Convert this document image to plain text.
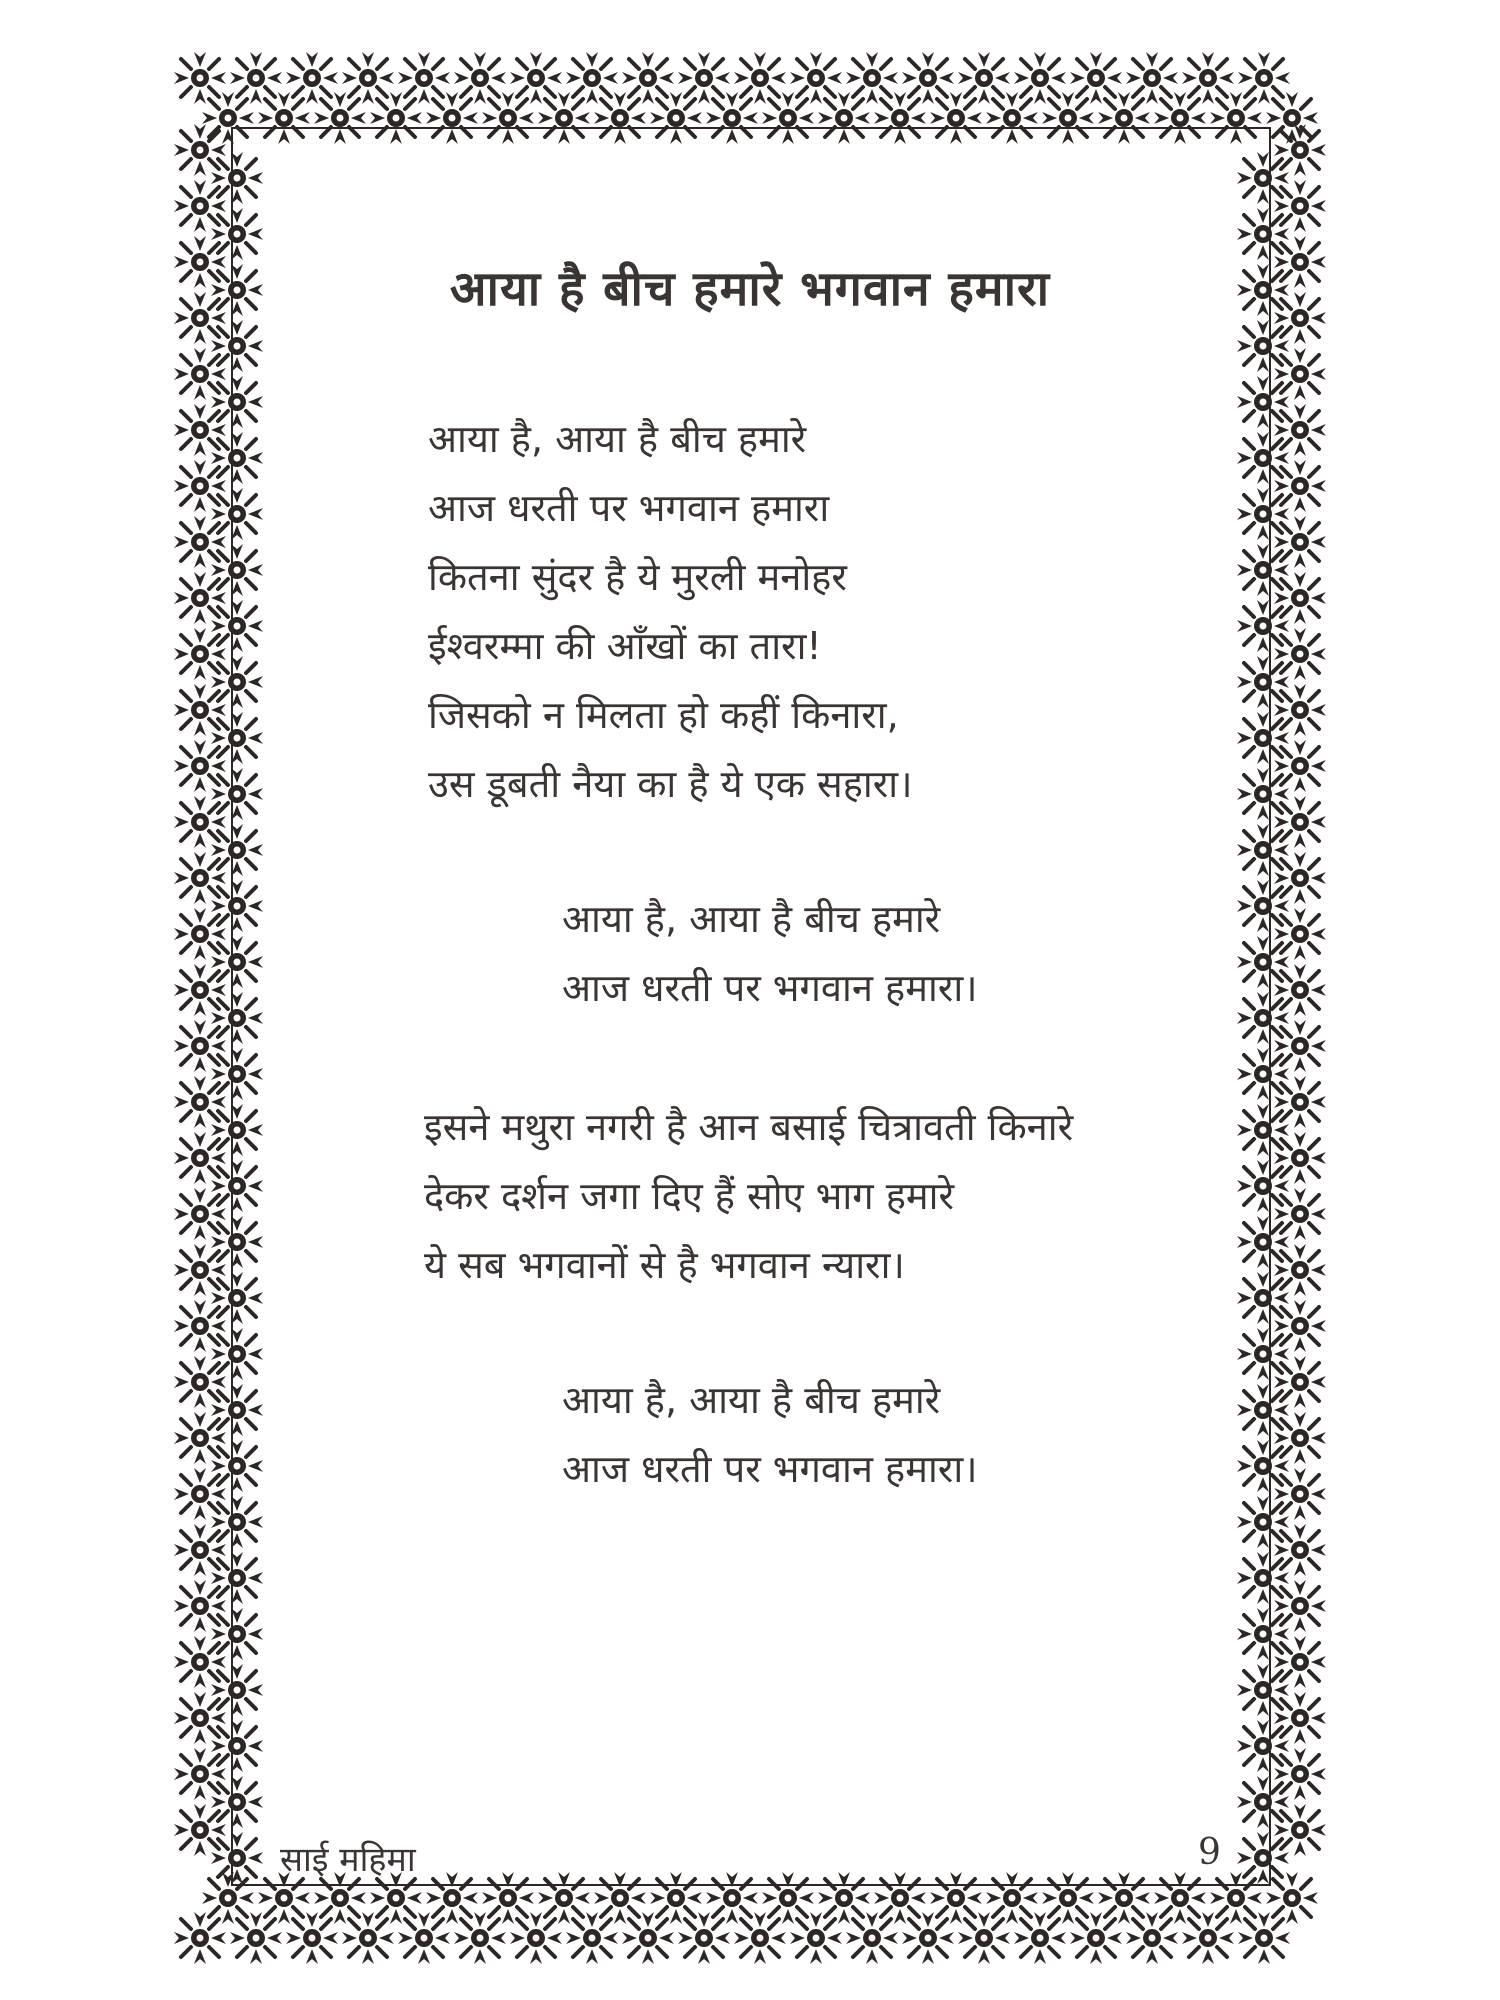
आया है बीच हमारे भगवान हमारा
आया है, आया है बीच हमारे
आज धरती पर भगवान हमारा
कितना सुंदर है ये मुरली मनोहर
ईश्वरम्मा की आँखों का तारा!
जिसको न मिलता हो कहीं किनारा,
उस डूबती नैया का है ये एक सहारा।
आया है, आया है बीच हमारे
आज धरती पर भगवान हमारा।
इसने मथुरा नगरी है आन बसाई चित्रावती किनारे
देकर दर्शन जगा दिए हैं सोए भाग हमारे
ये सब भगवानों से है भगवान न्यारा।
आया है, आया है बीच हमारे
आज धरती पर भगवान हमारा।
साई महिमा	9
